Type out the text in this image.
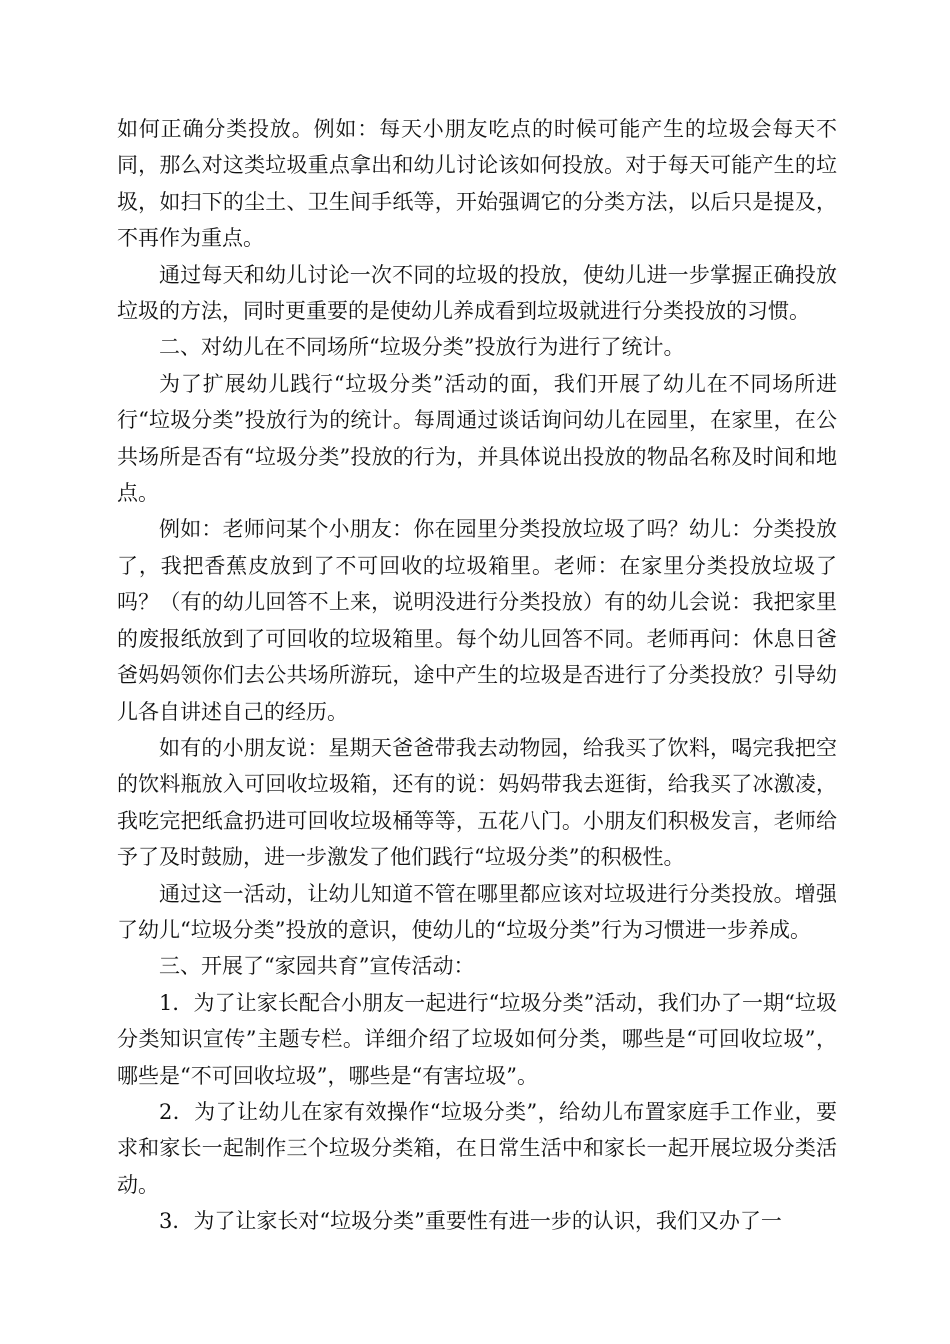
如何正确分类投放。例如：每天小朋友吃点的时候可能产生的垃圾会每天不同，那么对这类垃圾重点拿出和幼儿讨论该如何投放。对于每天可能产生的垃圾，如扫下的尘土、卫生间手纸等，开始强调它的分类方法，以后只是提及，不再作为重点。

通过每天和幼儿讨论一次不同的垃圾的投放，使幼儿进一步掌握正确投放垃圾的方法，同时更重要的是使幼儿养成看到垃圾就进行分类投放的习惯。

二、对幼儿在不同场所“垃圾分类”投放行为进行了统计。

为了扩展幼儿践行“垃圾分类”活动的面，我们开展了幼儿在不同场所进行“垃圾分类”投放行为的统计。每周通过谈话询问幼儿在园里，在家里，在公共场所是否有“垃圾分类”投放的行为，并具体说出投放的物品名称及时间和地点。

例如：老师问某个小朋友：你在园里分类投放垃圾了吗？幼儿：分类投放了，我把香蕉皮放到了不可回收的垃圾箱里。老师：在家里分类投放垃圾了吗？（有的幼儿回答不上来，说明没进行分类投放）有的幼儿会说：我把家里的废报纸放到了可回收的垃圾箱里。每个幼儿回答不同。老师再问：休息日爸爸妈妈领你们去公共场所游玩，途中产生的垃圾是否进行了分类投放？引导幼儿各自讲述自己的经历。

如有的小朋友说：星期天爸爸带我去动物园，给我买了饮料，喝完我把空的饮料瓶放入可回收垃圾箱，还有的说：妈妈带我去逛街，给我买了冰激凌，我吃完把纸盒扔进可回收垃圾桶等等，五花八门。小朋友们积极发言，老师给予了及时鼓励，进一步激发了他们践行“垃圾分类”的积极性。

通过这一活动，让幼儿知道不管在哪里都应该对垃圾进行分类投放。增强了幼儿“垃圾分类”投放的意识，使幼儿的“垃圾分类”行为习惯进一步养成。

三、开展了“家园共育”宣传活动：

1．为了让家长配合小朋友一起进行“垃圾分类”活动，我们办了一期“垃圾分类知识宣传”主题专栏。详细介绍了垃圾如何分类，哪些是“可回收垃圾”，哪些是“不可回收垃圾”，哪些是“有害垃圾”。

2．为了让幼儿在家有效操作“垃圾分类”，给幼儿布置家庭手工作业，要求和家长一起制作三个垃圾分类箱，在日常生活中和家长一起开展垃圾分类活动。

3．为了让家长对“垃圾分类”重要性有进一步的认识，我们又办了一
